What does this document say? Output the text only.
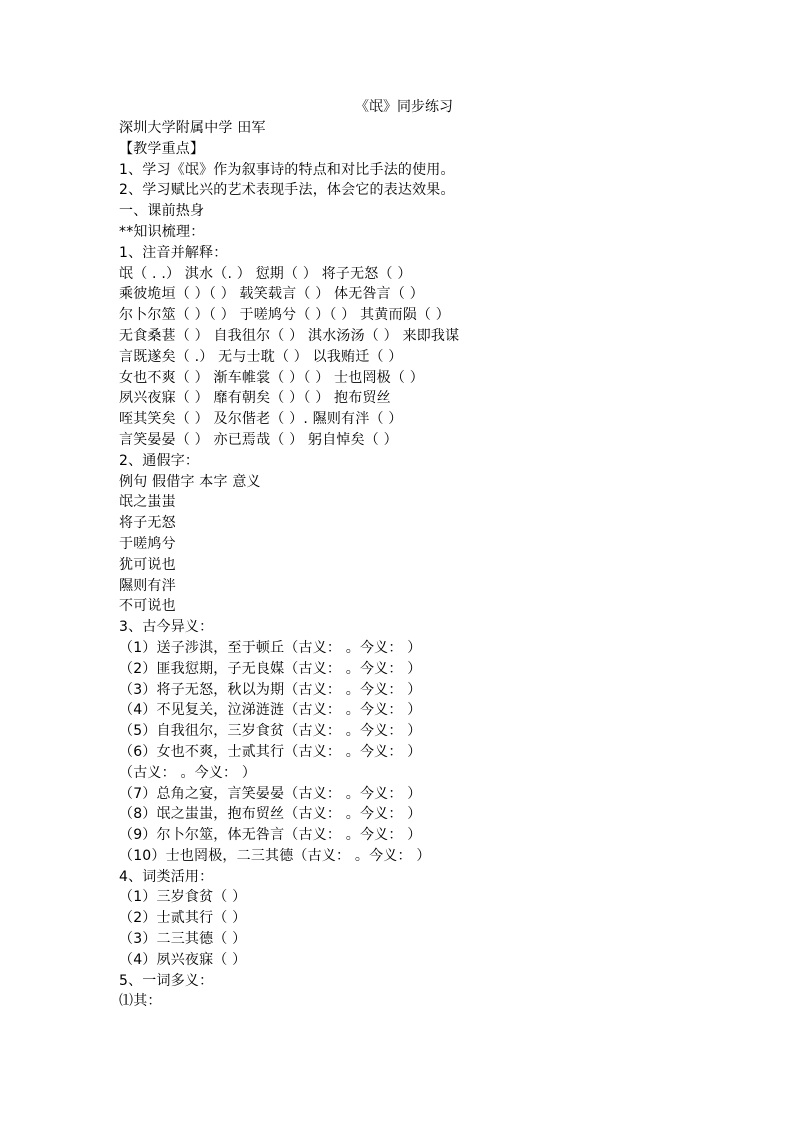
《氓》同步练习
深圳大学附属中学 田军
【教学重点】
1、学习《氓》作为叙事诗的特点和对比手法的使用。
2、学习赋比兴的艺术表现手法，体会它的表达效果。
一、课前热身
**知识梳理：
1、注音并解释：
氓（ . .） 淇水（. ） 愆期（ ） 将子无怒（ ）
乘彼垝垣（ ）（ ） 载笑载言（ ） 体无咎言（ ）
尔卜尔筮（ ）（ ） 于嗟鸠兮（ ）（ ） 其黄而陨（ ）
无食桑葚（ ） 自我徂尔（ ） 淇水汤汤（ ） 来即我谋
言既遂矣（ .） 无与士耽（ ） 以我贿迁（ ）
女也不爽（ ） 渐车帷裳（ ）（ ） 士也罔极（ ）
夙兴夜寐（ ） 靡有朝矣（ ）（ ） 抱布贸丝
咥其笑矣（ ） 及尔偕老（ ）. 隰则有泮（ ）
言笑晏晏（ ） 亦已焉哉（ ） 躬自悼矣（ ）
2、通假字：
例句 假借字 本字 意义
氓之蚩蚩
将子无怒
于嗟鸠兮
犹可说也
隰则有泮
不可说也
3、古今异义：
（1）送子涉淇，至于顿丘（古义： 。今义： ）
（2）匪我愆期，子无良媒（古义： 。今义： ）
（3）将子无怒，秋以为期（古义： 。今义： ）
（4）不见复关，泣涕涟涟（古义： 。今义： ）
（5）自我徂尔，三岁食贫（古义： 。今义： ）
（6）女也不爽，士贰其行（古义： 。今义： ）
（古义： 。今义： ）
（7）总角之宴，言笑晏晏（古义： 。今义： ）
（8）氓之蚩蚩，抱布贸丝（古义： 。今义： ）
（9）尔卜尔筮，体无咎言（古义： 。今义： ）
（10）士也罔极，二三其德（古义： 。今义： ）
4、词类活用：
（1）三岁食贫（ ）
（2）士贰其行（ ）
（3）二三其德（ ）
（4）夙兴夜寐（ ）
5、一词多义：
⑴其：
